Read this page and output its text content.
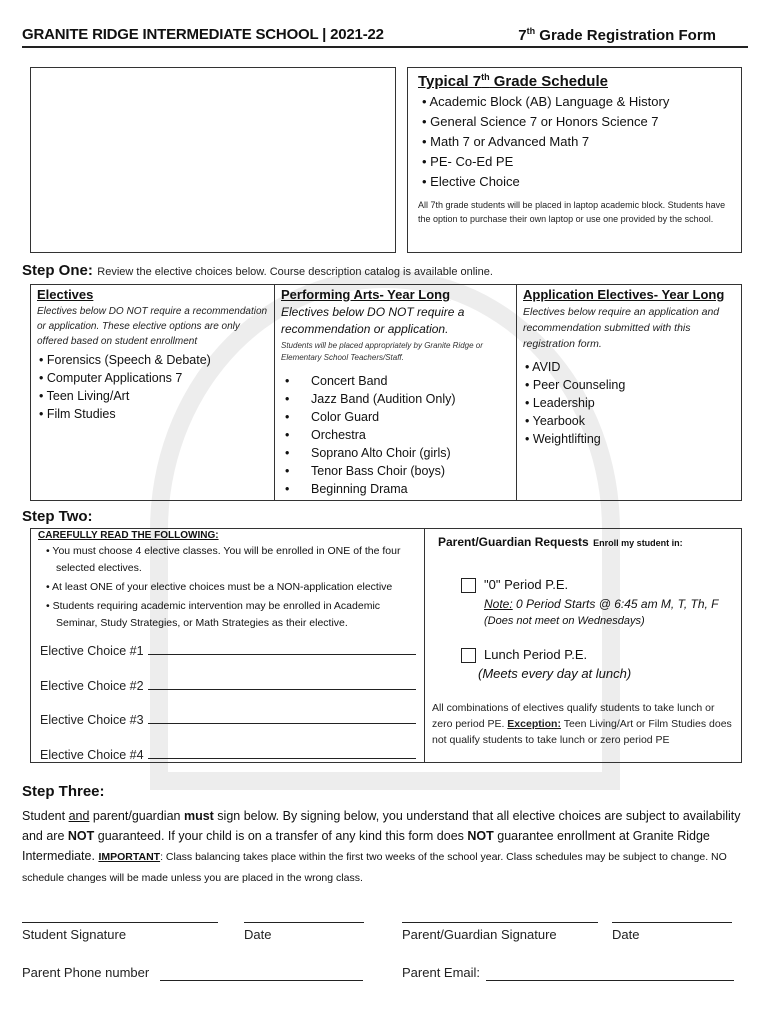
GRANITE RIDGE INTERMEDIATE SCHOOL | 2021-22	7th Grade Registration Form
Typical 7th Grade Schedule
• Academic Block (AB) Language & History
• General Science 7 or Honors Science 7
• Math 7 or Advanced Math 7
• PE- Co-Ed PE
• Elective Choice
All 7th grade students will be placed in laptop academic block. Students have the option to purchase their own laptop or use one provided by the school.
Step One: Review the elective choices below. Course description catalog is available online.
Electives
Electives below DO NOT require a recommendation or application. These elective options are only offered based on student enrollment
• Forensics (Speech & Debate)
• Computer Applications 7
• Teen Living/Art
• Film Studies

Performing Arts- Year Long
Electives below DO NOT require a recommendation or application.
Students will be placed appropriately by Granite Ridge or Elementary School Teachers/Staff.
• Concert Band
• Jazz Band (Audition Only)
• Color Guard
• Orchestra
• Soprano Alto Choir (girls)
• Tenor Bass Choir (boys)
• Beginning Drama

Application Electives- Year Long
Electives below require an application and recommendation submitted with this registration form.
• AVID
• Peer Counseling
• Leadership
• Yearbook
• Weightlifting
Step Two:
CAREFULLY READ THE FOLLOWING:
• You must choose 4 elective classes. You will be enrolled in ONE of the four selected electives.
• At least ONE of your elective choices must be a NON-application elective
• Students requiring academic intervention may be enrolled in Academic Seminar, Study Strategies, or Math Strategies as their elective.
Elective Choice #1
Elective Choice #2
Elective Choice #3
Elective Choice #4
Parent/Guardian Requests Enroll my student in:
"0" Period P.E.
Note: 0 Period Starts @ 6:45 am M, T, Th, F
(Does not meet on Wednesdays)
Lunch Period P.E.
(Meets every day at lunch)
All combinations of electives qualify students to take lunch or zero period PE. Exception: Teen Living/Art or Film Studies does not qualify students to take lunch or zero period PE
Step Three:
Student and parent/guardian must sign below. By signing below, you understand that all elective choices are subject to availability and are NOT guaranteed. If your child is on a transfer of any kind this form does NOT guarantee enrollment at Granite Ridge Intermediate. IMPORTANT: Class balancing takes place within the first two weeks of the school year. Class schedules may be subject to change. NO schedule changes will be made unless you are placed in the wrong class.
Student Signature	Date	Parent/Guardian Signature	Date
Parent Phone number	Parent Email:
